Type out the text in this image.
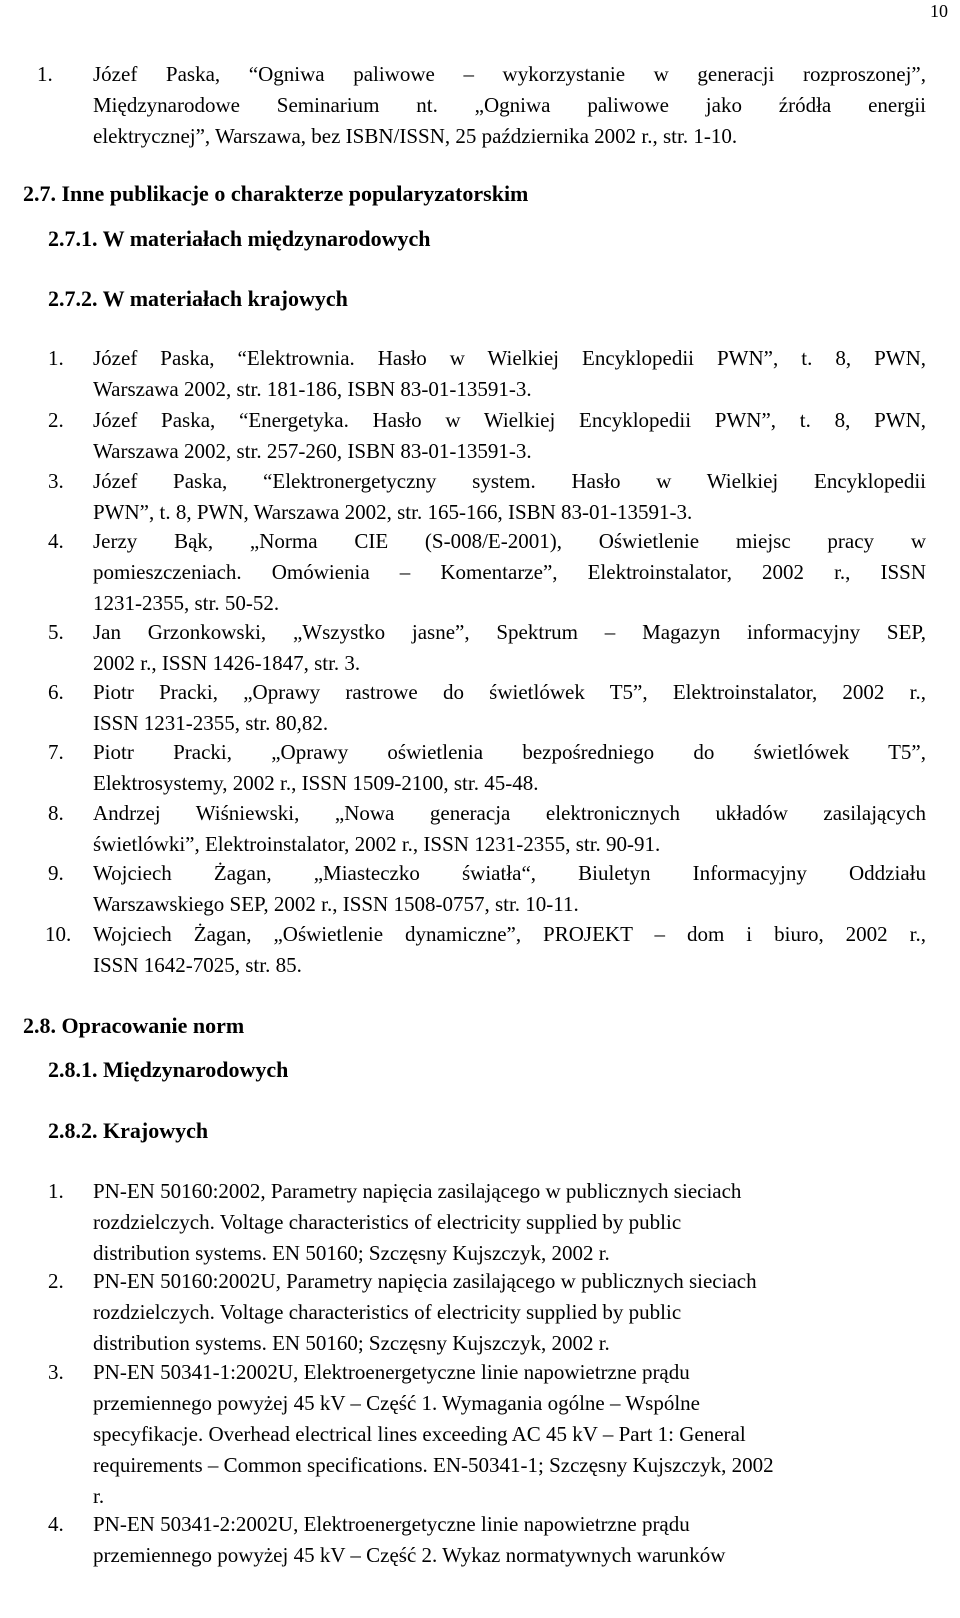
10
1. Józef Paska, “Ogniwa paliwowe – wykorzystanie w generacji rozproszonej”,
Międzynarodowe Seminarium nt. „Ogniwa paliwowe jako źródła energii
elektrycznej”, Warszawa, bez ISBN/ISSN, 25 października 2002 r., str. 1-10.
2.7. Inne publikacje o charakterze popularyzatorskim
2.7.1. W materiałach międzynarodowych
2.7.2. W materiałach krajowych
1. Józef Paska, “Elektrownia. Hasło w Wielkiej Encyklopedii PWN”, t. 8, PWN,
Warszawa 2002, str. 181-186, ISBN 83-01-13591-3.
2. Józef Paska, “Energetyka. Hasło w Wielkiej Encyklopedii PWN”, t. 8, PWN,
Warszawa 2002, str. 257-260, ISBN 83-01-13591-3.
3. Józef Paska, “Elektronergetyczny system. Hasło w Wielkiej Encyklopedii
PWN”, t. 8, PWN, Warszawa 2002, str. 165-166, ISBN 83-01-13591-3.
4. Jerzy Bąk, „Norma CIE (S-008/E-2001), Oświetlenie miejsc pracy w
pomieszczeniach. Omówienia – Komentarze”, Elektroinstalator, 2002 r., ISSN
1231-2355, str. 50-52.
5. Jan Grzonkowski, „Wszystko jasne”, Spektrum – Magazyn informacyjny SEP,
2002 r., ISSN 1426-1847, str. 3.
6. Piotr Pracki, „Oprawy rastrowe do świetlówek T5”, Elektroinstalator, 2002 r.,
ISSN 1231-2355, str. 80,82.
7. Piotr Pracki, „Oprawy oświetlenia bezpośredniego do świetlówek T5”,
Elektrosystemy, 2002 r., ISSN 1509-2100, str. 45-48.
8. Andrzej Wiśniewski, „Nowa generacja elektronicznych układów zasilających
świetlówki”, Elektroinstalator, 2002 r., ISSN 1231-2355, str. 90-91.
9. Wojciech Żagan, „Miasteczko światła“, Biuletyn Informacyjny Oddziału
Warszawskiego SEP, 2002 r., ISSN 1508-0757, str. 10-11.
10. Wojciech Żagan, „Oświetlenie dynamiczne”, PROJEKT – dom i biuro, 2002 r.,
ISSN 1642-7025, str. 85.
2.8. Opracowanie norm
2.8.1. Międzynarodowych
2.8.2. Krajowych
1. PN-EN 50160:2002, Parametry napięcia zasilającego w publicznych sieciach
rozdzielczych. Voltage characteristics of electricity supplied by public
distribution systems. EN 50160; Szczęsny Kujszczyk, 2002 r.
2. PN-EN 50160:2002U, Parametry napięcia zasilającego w publicznych sieciach
rozdzielczych. Voltage characteristics of electricity supplied by public
distribution systems. EN 50160; Szczęsny Kujszczyk, 2002 r.
3. PN-EN 50341-1:2002U, Elektroenergetyczne linie napowietrzne prądu
przemiennego powyżej 45 kV – Część 1. Wymagania ogólne – Wspólne
specyfikacje. Overhead electrical lines exceeding AC 45 kV – Part 1: General
requirements – Common specifications. EN-50341-1; Szczęsny Kujszczyk, 2002
r.
4. PN-EN 50341-2:2002U, Elektroenergetyczne linie napowietrzne prądu
przemiennego powyżej 45 kV – Część 2. Wykaz normatywnych warunków
